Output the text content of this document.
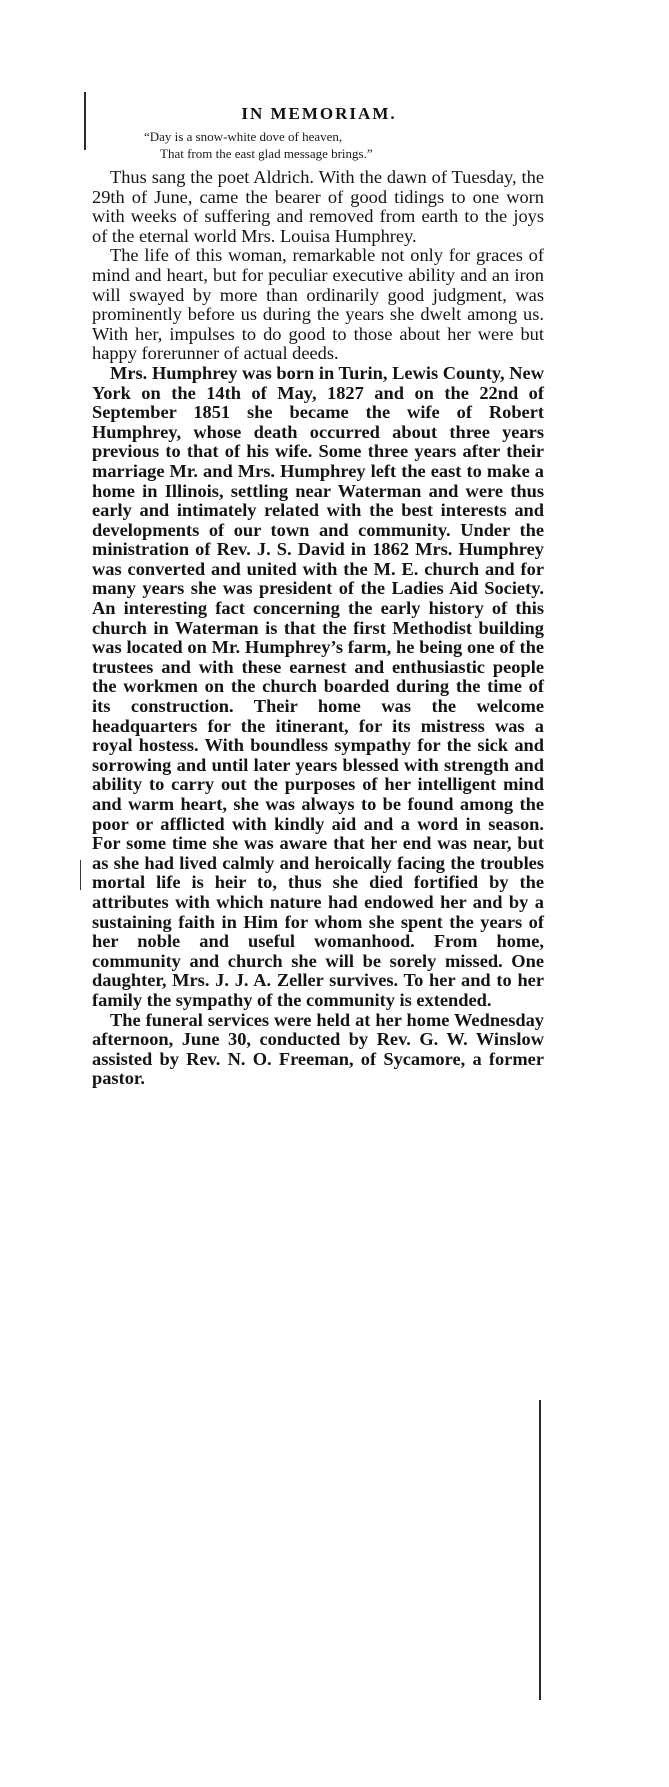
IN MEMORIAM.
“Day is a snow-white dove of heaven,
That from the east glad message brings.”

Thus sang the poet Aldrich. With the dawn of Tuesday, the 29th of June, came the bearer of good tidings to one worn with weeks of suffering and removed from earth to the joys of the eternal world Mrs. Louisa Humphrey.

The life of this woman, remarkable not only for graces of mind and heart, but for peculiar executive ability and an iron will swayed by more than ordinarily good judgment, was prominently before us during the years she dwelt among us. With her, impulses to do good to those about her were but happy forerunner of actual deeds.

Mrs. Humphrey was born in Turin, Lewis County, New York on the 14th of May, 1827 and on the 22nd of September 1851 she became the wife of Robert Humphrey, whose death occurred about three years previous to that of his wife. Some three years after their marriage Mr. and Mrs. Humphrey left the east to make a home in Illinois, settling near Waterman and were thus early and intimately related with the best interests and developments of our town and community. Under the ministration of Rev. J. S. David in 1862 Mrs. Humphrey was converted and united with the M. E. church and for many years she was president of the Ladies Aid Society. An interesting fact concerning the early history of this church in Waterman is that the first Methodist building was located on Mr. Humphrey’s farm, he being one of the trustees and with these earnest and enthusiastic people the workmen on the church boarded during the time of its construction. Their home was the welcome headquarters for the itinerant, for its mistress was a royal hostess. With boundless sympathy for the sick and sorrowing and until later years blessed with strength and ability to carry out the purposes of her intelligent mind and warm heart, she was always to be found among the poor or afflicted with kindly aid and a word in season. For some time she was aware that her end was near, but as she had lived calmly and heroically facing the troubles mortal life is heir to, thus she died fortified by the attributes with which nature had endowed her and by a sustaining faith in Him for whom she spent the years of her noble and useful womanhood. From home, community and church she will be sorely missed. One daughter, Mrs. J. J. A. Zeller survives. To her and to her family the sympathy of the community is extended.

The funeral services were held at her home Wednesday afternoon, June 30, conducted by Rev. G. W. Winslow assisted by Rev. N. O. Freeman, of Sycamore, a former pastor.
